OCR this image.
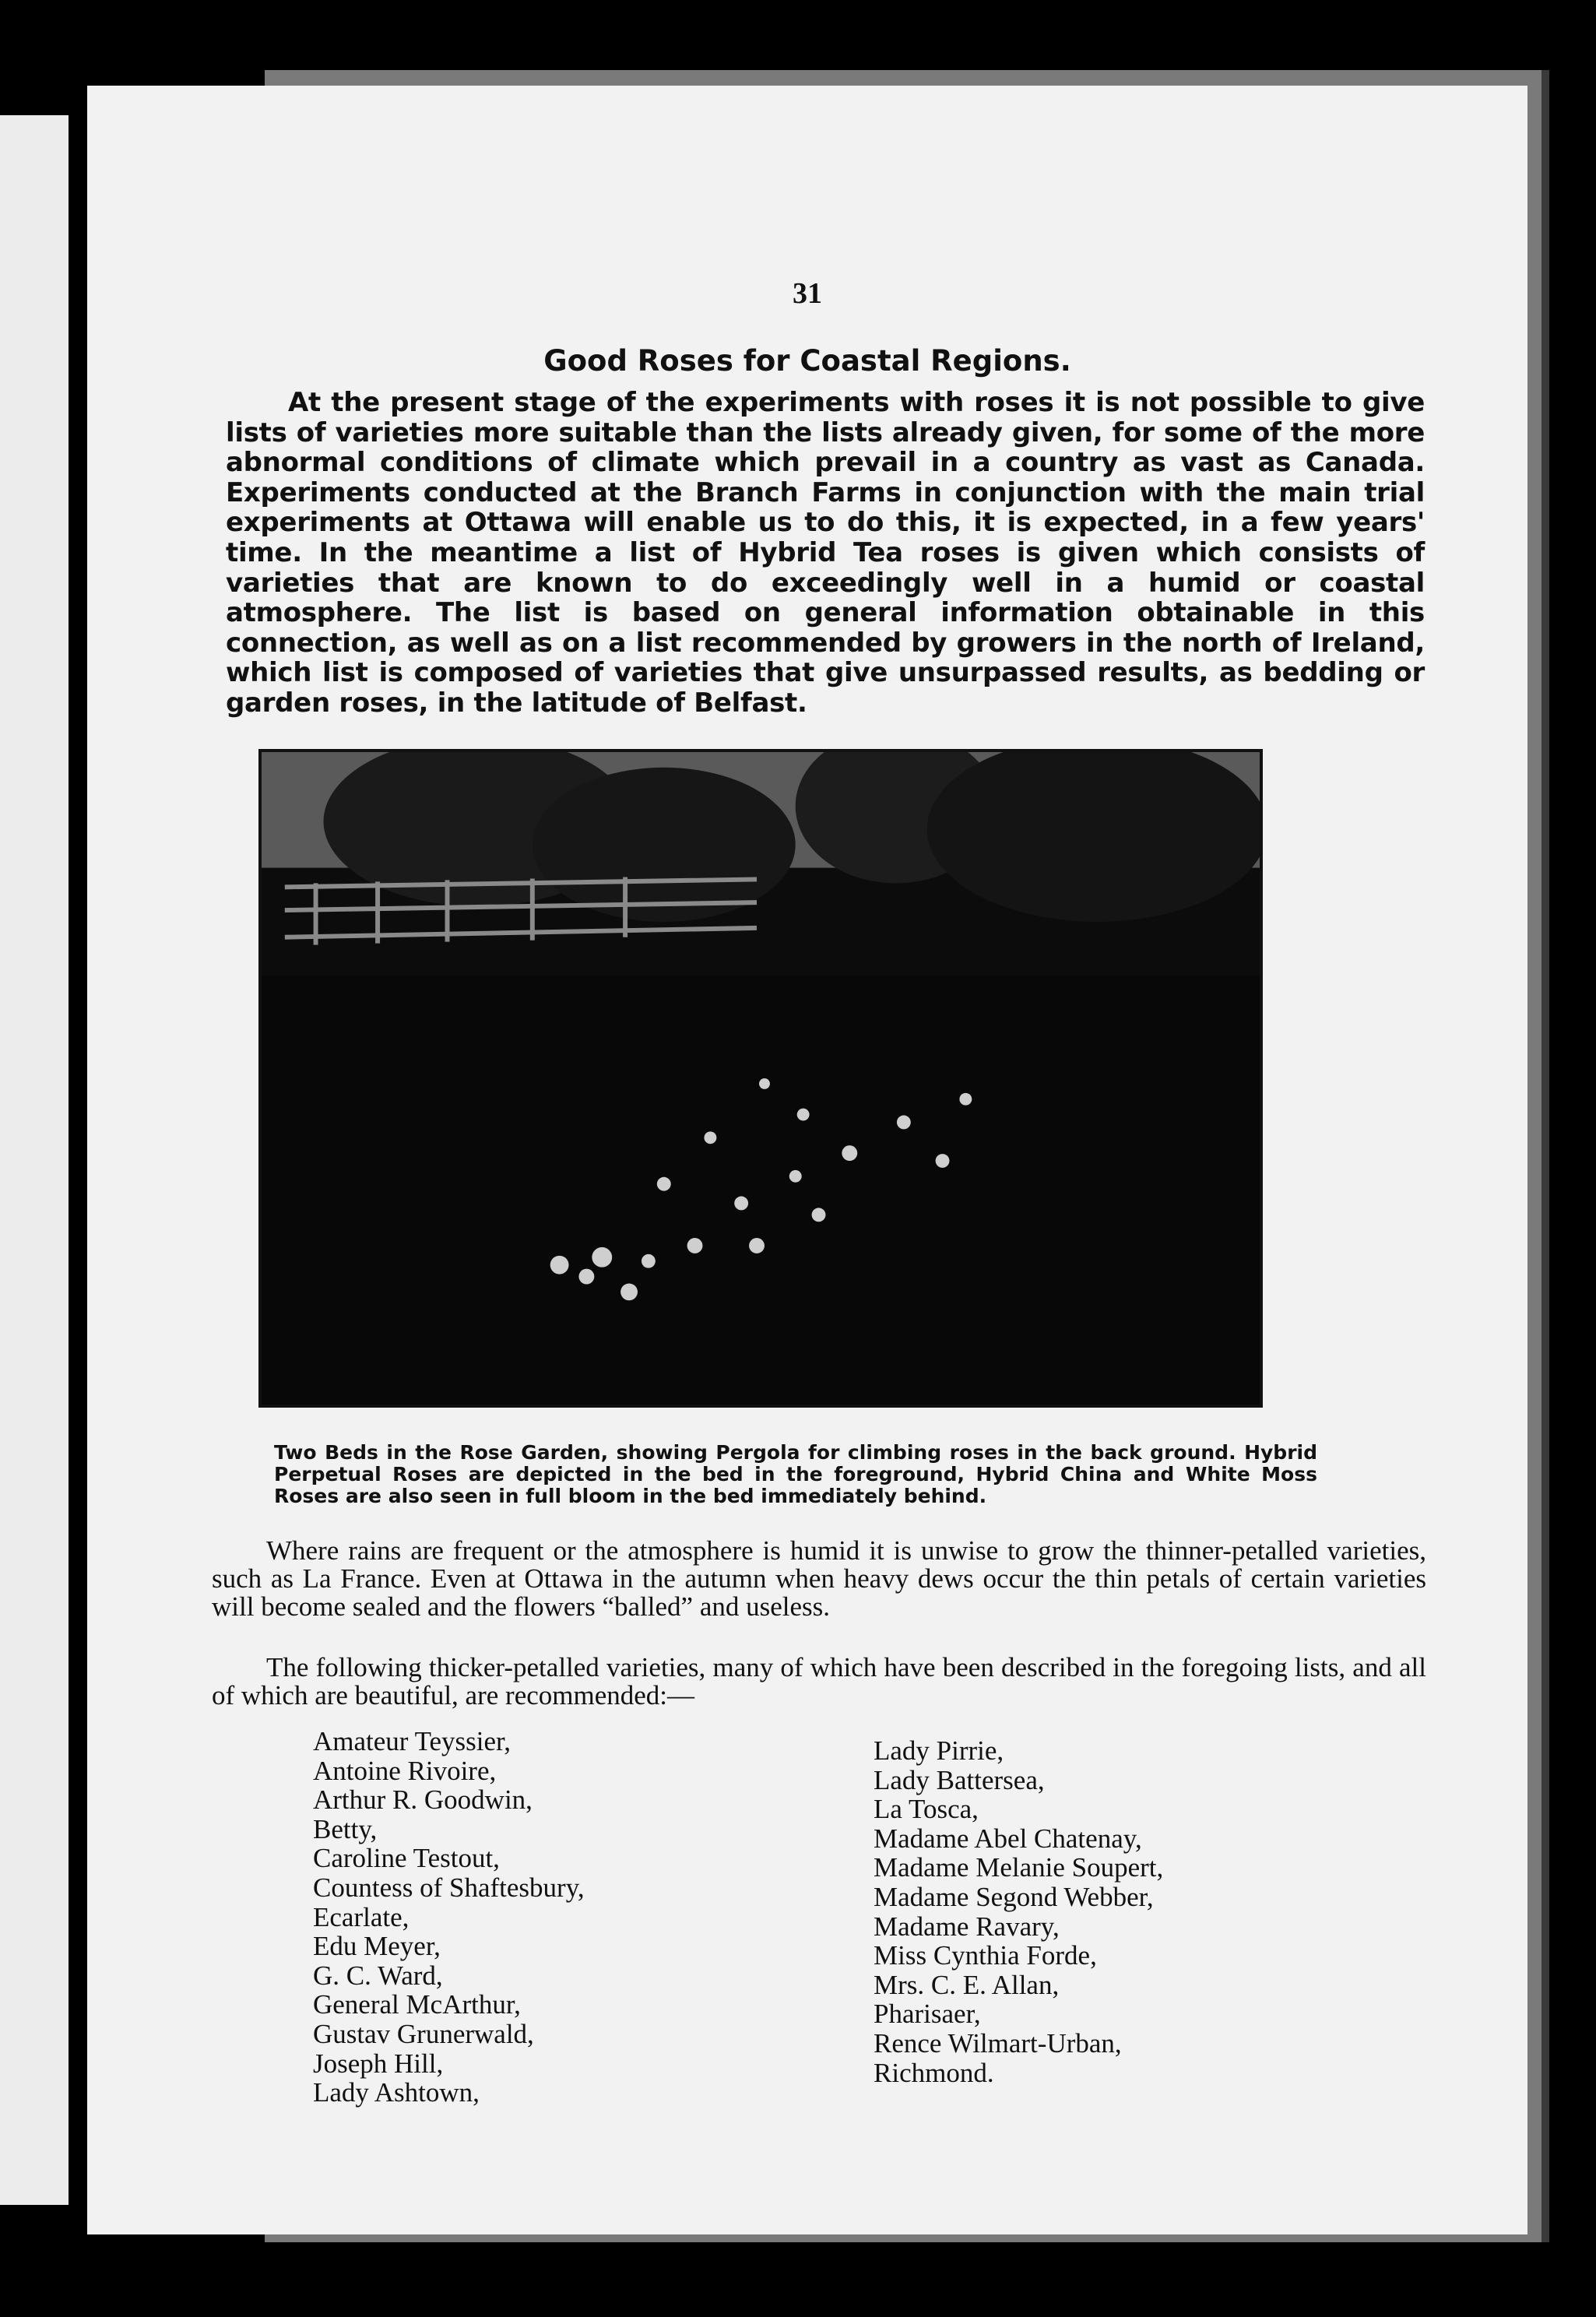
31
Good Roses for Coastal Regions.

At the present stage of the experiments with roses it is not possible to give lists of varieties more suitable than the lists already given, for some of the more abnormal conditions of climate which prevail in a country as vast as Canada. Experiments conducted at the Branch Farms in conjunction with the main trial experiments at Ottawa will enable us to do this, it is expected, in a few years' time. In the meantime a list of Hybrid Tea roses is given which consists of varieties that are known to do exceedingly well in a humid or coastal atmosphere. The list is based on general information obtainable in this connection, as well as on a list recommended by growers in the north of Ireland, which list is composed of varieties that give unsurpassed results, as bedding or garden roses, in the latitude of Belfast.

Two Beds in the Rose Garden, showing Pergola for climbing roses in the back ground. Hybrid Perpetual Roses are depicted in the bed in the foreground, Hybrid China and White Moss Roses are also seen in full bloom in the bed immediately behind.

Where rains are frequent or the atmosphere is humid it is unwise to grow the thinner-petalled varieties, such as La France. Even at Ottawa in the autumn when heavy dews occur the thin petals of certain varieties will become sealed and the flowers “balled” and useless.

The following thicker-petalled varieties, many of which have been described in the foregoing lists, and all of which are beautiful, are recommended:—

Amateur Teyssier,
Antoine Rivoire,
Arthur R. Goodwin,
Betty,
Caroline Testout,
Countess of Shaftesbury,
Ecarlate,
Edu Meyer,
G. C. Ward,
General McArthur,
Gustav Grunerwald,
Joseph Hill,
Lady Ashtown,
Lady Pirrie,
Lady Battersea,
La Tosca,
Madame Abel Chatenay,
Madame Melanie Soupert,
Madame Segond Webber,
Madame Ravary,
Miss Cynthia Forde,
Mrs. C. E. Allan,
Pharisaer,
Rence Wilmart-Urban,
Richmond.
